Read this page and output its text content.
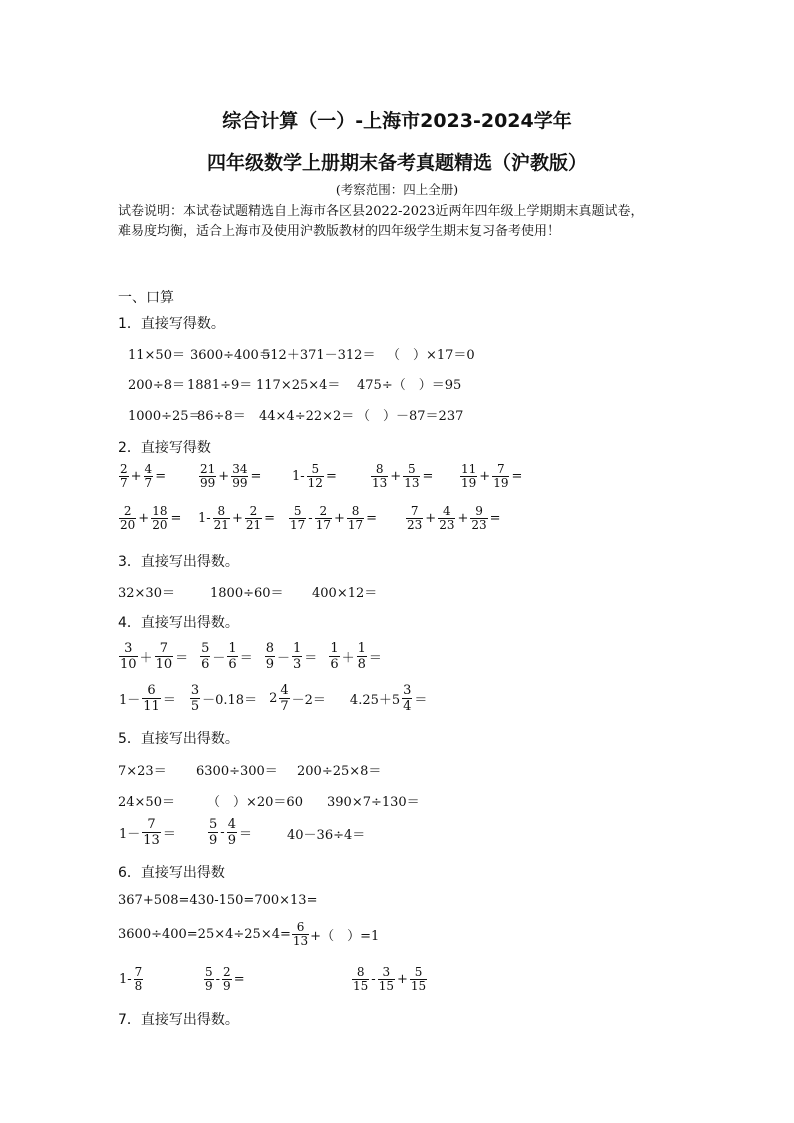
综合计算（一）-上海市2023-2024学年
四年级数学上册期末备考真题精选（沪教版）
(考察范围：四上全册)
试卷说明：本试卷试题精选自上海市各区县2022-2023近两年四年级上学期期末真题试卷，
难易度均衡，适合上海市及使用沪教版教材的四年级学生期末复习备考使用！
一、口算
1．直接写得数。
11×50＝ 3600÷400＝
512＋371－312＝ （　）×17＝0
200÷8＝ 1881÷9＝ 117×25×4＝ 475÷（　）＝95
1000÷25＝
86÷8＝ 44×4÷22×2＝ （　）－87＝237
2．直接写得数
$\frac{2}{7} + \frac{4}{7}$ =	$\frac{21}{99} + \frac{34}{99} = 1- \frac{5}{12}$ =	$\frac{8}{13} + \frac{5}{13} = \frac{11}{19} + \frac{7}{19}$ =
$\frac{2}{20} + \frac{18}{20} = 1- \frac{8}{21} + \frac{2}{21} = \frac{5}{17} - \frac{2}{17} + \frac{8}{17} = \frac{7}{23} + \frac{4}{23} + \frac{9}{23}$ =
3．直接写出得数。
32×30＝	1800÷60＝ 400×12＝
4．直接写出得数。
$\frac{3}{10} + \frac{7}{10} = \frac{5}{6} - \frac{1}{6} = \frac{8}{9} - \frac{1}{3} = \frac{1}{6} + \frac{1}{8}$ ＝
$1- \frac{6}{11} = \frac{3}{5} -0.18= 2 \frac{4}{7} -2= 4.25+5 \frac{3}{4}$ ＝
5．直接写出得数。
7×23＝ 6300÷300＝ 200÷25×8＝
24×50＝ （　）×20＝60 390×7÷130＝
$1- \frac{7}{13} = \frac{5}{9} - \frac{4}{9}$ ＝	40－36÷4＝
6．直接写出得数
367+508=430-150=700×13=
$3600\div 400=25\times 4\div 25\times 4= \frac{6}{13}$ +（　）=1
$1- \frac{7}{8}$	$\frac{5}{9} - \frac{2}{9}$ =	$\frac{8}{15} - \frac{3}{15} + \frac{5}{15}$
7．直接写出得数。
